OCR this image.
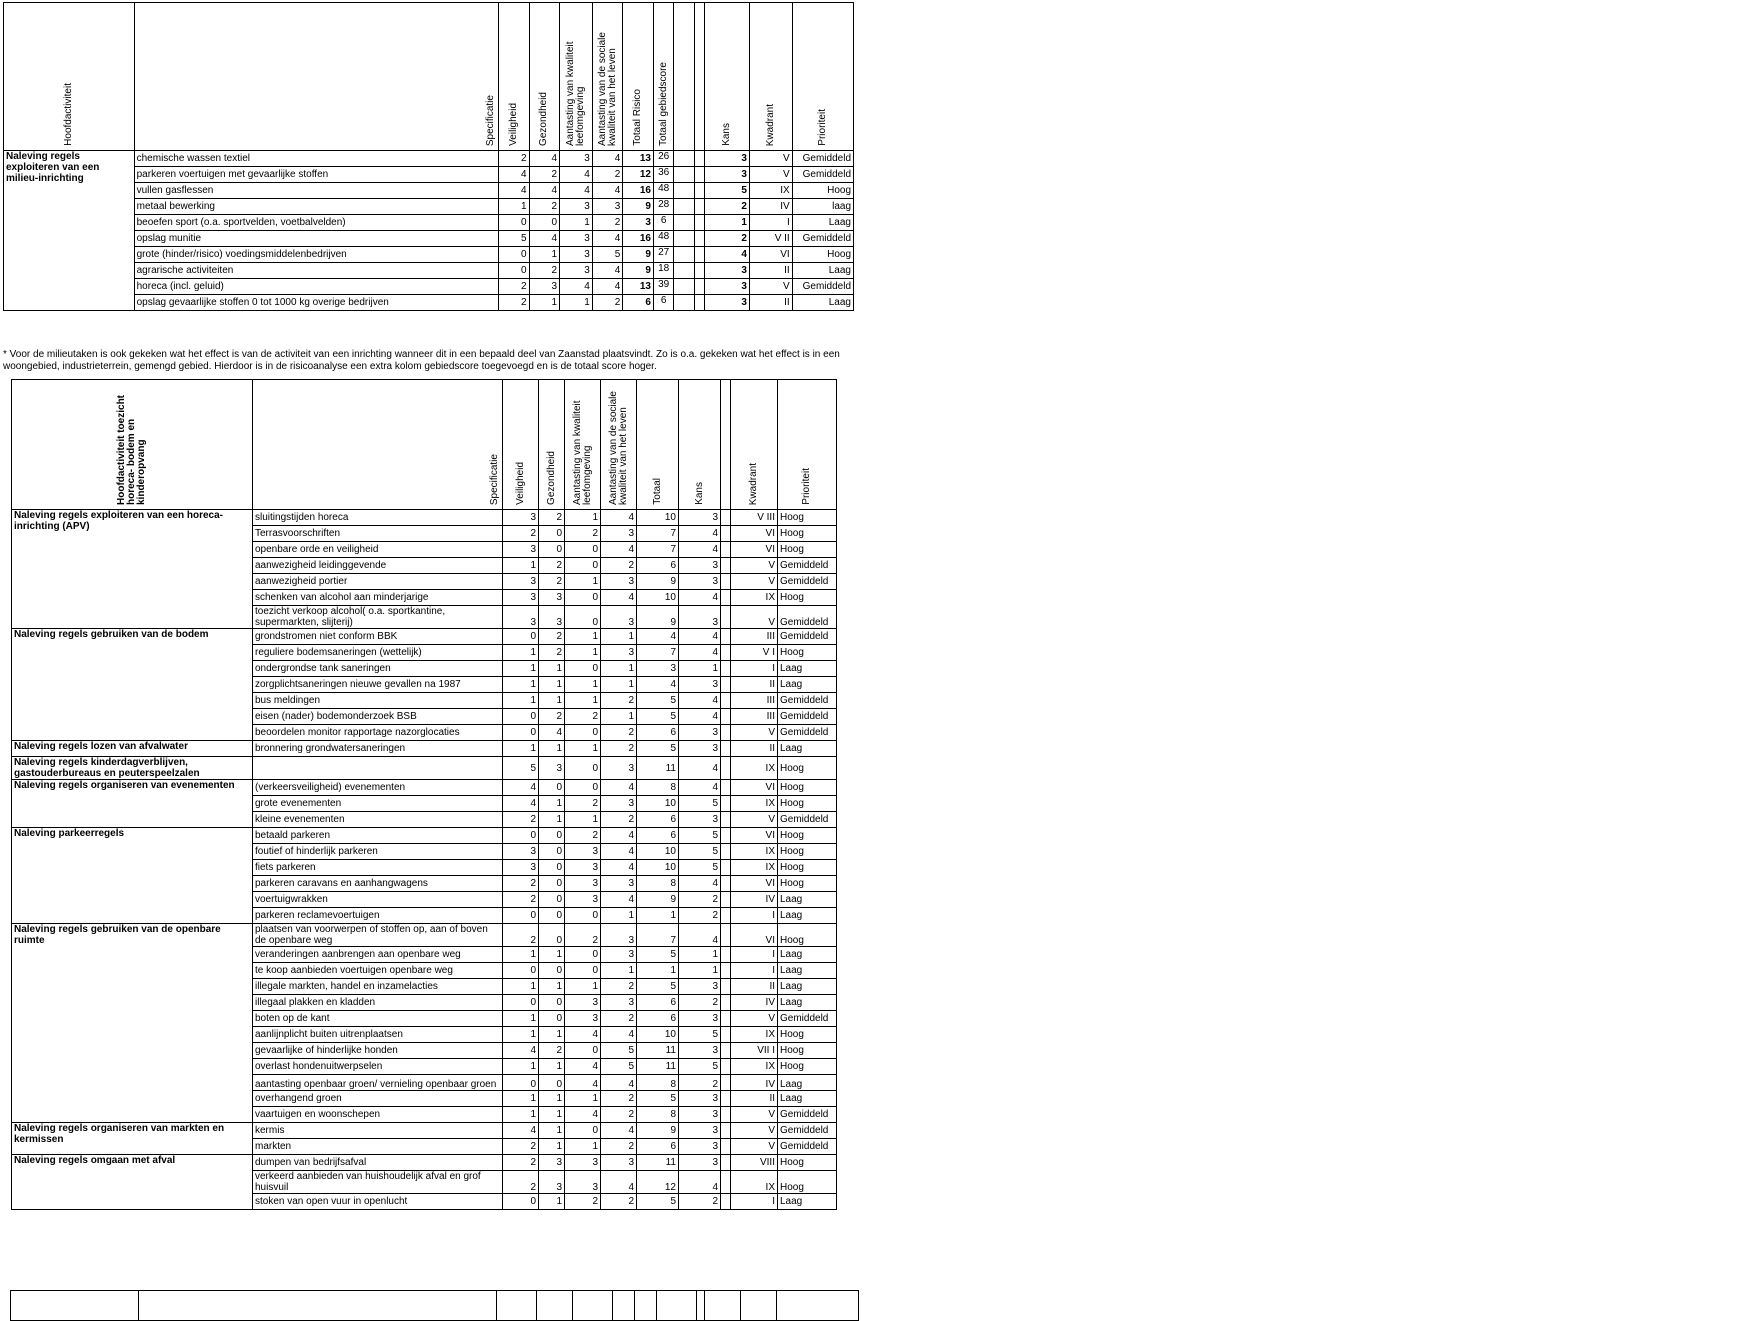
Hoofdactiviteit	Specificatie	Veiligheid	Gezondheid	Aantasting van kwaliteit leefomgeving	Aantasting van de sociale kwaliteit van het leven	Totaal Risico	Totaal gebiedscore			Kans	Kwadrant	Prioriteit

Naleving regels exploiteren van een milieu-inrichting	chemische wassen textiel	2	4	3	4	13	26			3	V	Gemiddeld
	parkeren voertuigen met gevaarlijke stoffen	4	2	4	2	12	36			3	V	Gemiddeld
	vullen gasflessen	4	4	4	4	16	48			5	IX	Hoog
	metaal bewerking	1	2	3	3	9	28			2	IV	laag
	beoefen sport (o.a. sportvelden, voetbalvelden)	0	0	1	2	3	6			1	I	Laag
	opslag munitie	5	4	3	4	16	48			2	V II	Gemiddeld
	grote (hinder/risico) voedingsmiddelenbedrijven	0	1	3	5	9	27			4	VI	Hoog
	agrarische activiteiten	0	2	3	4	9	18			3	II	Laag
	horeca (incl. geluid)	2	3	4	4	13	39			3	V	Gemiddeld
	opslag gevaarlijke stoffen 0 tot 1000 kg overige bedrijven	2	1	1	2	6	6			3	II	Laag
* Voor de milieutaken is ook gekeken wat het effect is van de activiteit van een inrichting wanneer dit in een bepaald deel van Zaanstad plaatsvindt. Zo is o.a. gekeken wat het effect is in een woongebied, industrieterrein, gemengd gebied. Hierdoor is in de risicoanalyse een extra kolom gebiedscore toegevoegd en is de totaal score hoger.
Hoofdactiviteit toezicht horeca- bodem en kinderopvang	Specificatie	Veiligheid	Gezondheid	Aantasting van kwaliteit leefomgeving	Aantasting van de sociale kwaliteit van het leven	Totaal	Kans		Kwadrant	Prioriteit

Naleving regels exploiteren van een horeca-inrichting (APV)	sluitingstijden horeca	3	2	1	4	10	3		V III	Hoog
	Terrasvoorschriften	2	0	2	3	7	4		VI	Hoog
	openbare orde en veiligheid	3	0	0	4	7	4		VI	Hoog
	aanwezigheid leidinggevende	1	2	0	2	6	3		V	Gemiddeld
	aanwezigheid portier	3	2	1	3	9	3		V	Gemiddeld
	schenken van alcohol aan minderjarige	3	3	0	4	10	4		IX	Hoog
	toezicht verkoop alcohol( o.a. sportkantine, supermarkten, slijterij)	3	3	0	3	9	3		V	Gemiddeld
Naleving regels gebruiken van de bodem	grondstromen niet conform BBK	0	2	1	1	4	4		III	Gemiddeld
	reguliere bodemsaneringen (wettelijk)	1	2	1	3	7	4		V I	Hoog
	ondergrondse tank saneringen	1	1	0	1	3	1		I	Laag
	zorgplichtsaneringen nieuwe gevallen na 1987	1	1	1	1	4	3		II	Laag
	bus meldingen	1	1	1	2	5	4		III	Gemiddeld
	eisen (nader) bodemonderzoek BSB	0	2	2	1	5	4		III	Gemiddeld
	beoordelen monitor rapportage nazorglocaties	0	4	0	2	6	3		V	Gemiddeld
Naleving regels lozen van afvalwater	bronnering grondwatersaneringen	1	1	1	2	5	3		II	Laag
Naleving regels kinderdagverblijven, gastouderbureaus en peuterspeelzalen		5	3	0	3	11	4		IX	Hoog
Naleving regels organiseren van evenementen	(verkeersveiligheid) evenementen	4	0	0	4	8	4		VI	Hoog
	grote evenementen	4	1	2	3	10	5		IX	Hoog
	kleine evenementen	2	1	1	2	6	3		V	Gemiddeld
Naleving parkeerregels	betaald parkeren	0	0	2	4	6	5		VI	Hoog
	foutief of hinderlijk parkeren	3	0	3	4	10	5		IX	Hoog
	fiets parkeren	3	0	3	4	10	5		IX	Hoog
	parkeren caravans en aanhangwagens	2	0	3	3	8	4		VI	Hoog
	voertuigwrakken	2	0	3	4	9	2		IV	Laag
	parkeren reclamevoertuigen	0	0	0	1	1	2		I	Laag
Naleving regels gebruiken van de openbare ruimte	plaatsen van voorwerpen of stoffen op, aan of boven de openbare weg	2	0	2	3	7	4		VI	Hoog
	veranderingen aanbrengen aan openbare weg	1	1	0	3	5	1		I	Laag
	te koop aanbieden voertuigen openbare weg	0	0	0	1	1	1		I	Laag
	illegale markten, handel en inzamelacties	1	1	1	2	5	3		II	Laag
	illegaal plakken en kladden	0	0	3	3	6	2		IV	Laag
	boten op de kant	1	0	3	2	6	3		V	Gemiddeld
	aanlijnplicht buiten uitrenplaatsen	1	1	4	4	10	5		IX	Hoog
	gevaarlijke of hinderlijke honden	4	2	0	5	11	3		VII I	Hoog
	overlast hondenuitwerpselen	1	1	4	5	11	5		IX	Hoog
	aantasting openbaar groen/ vernieling openbaar groen	0	0	4	4	8	2		IV	Laag
	overhangend groen	1	1	1	2	5	3		II	Laag
	vaartuigen en woonschepen	1	1	4	2	8	3		V	Gemiddeld
Naleving regels organiseren van markten en kermissen	kermis	4	1	0	4	9	3		V	Gemiddeld
	markten	2	1	1	2	6	3		V	Gemiddeld
Naleving regels omgaan met afval	dumpen van bedrijfsafval	2	3	3	3	11	3		VIII	Hoog
	verkeerd aanbieden van huishoudelijk afval en grof huisvuil	2	3	3	4	12	4		IX	Hoog
	stoken van open vuur in openlucht	0	1	2	2	5	2		I	Laag
